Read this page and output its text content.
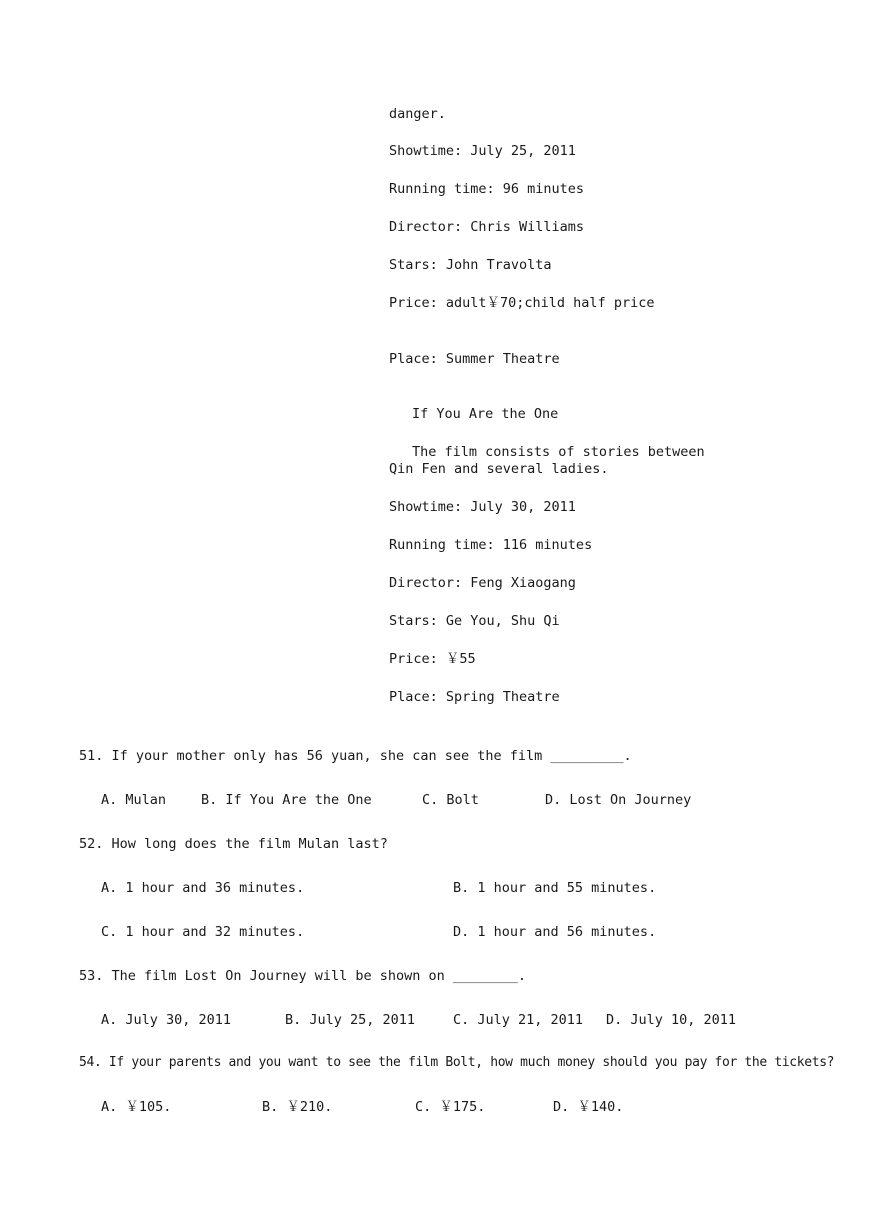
danger.
Showtime: July 25, 2011
Running time: 96 minutes
Director: Chris Williams
Stars: John Travolta
Price: adult￥70;child half price
Place: Summer Theatre
If You Are the One
The film consists of stories between
Qin Fen and several ladies.
Showtime: July 30, 2011
Running time: 116 minutes
Director: Feng Xiaogang
Stars: Ge You, Shu Qi
Price: ￥55
Place: Spring Theatre
51. If your mother only has 56 yuan, she can see the film _________.
A. Mulan	B. If You Are the One	C. Bolt	D. Lost On Journey
52. How long does the film Mulan last?
A. 1 hour and 36 minutes.	B. 1 hour and 55 minutes.
C. 1 hour and 32 minutes.	D. 1 hour and 56 minutes.
53. The film Lost On Journey will be shown on ________.
A. July 30, 2011	B. July 25, 2011	C. July 21, 2011 D. July 10, 2011
54. If your parents and you want to see the film Bolt, how much money should you pay for the tickets?
A. ￥105.	B. ￥210.	C. ￥175.	D. ￥140.
